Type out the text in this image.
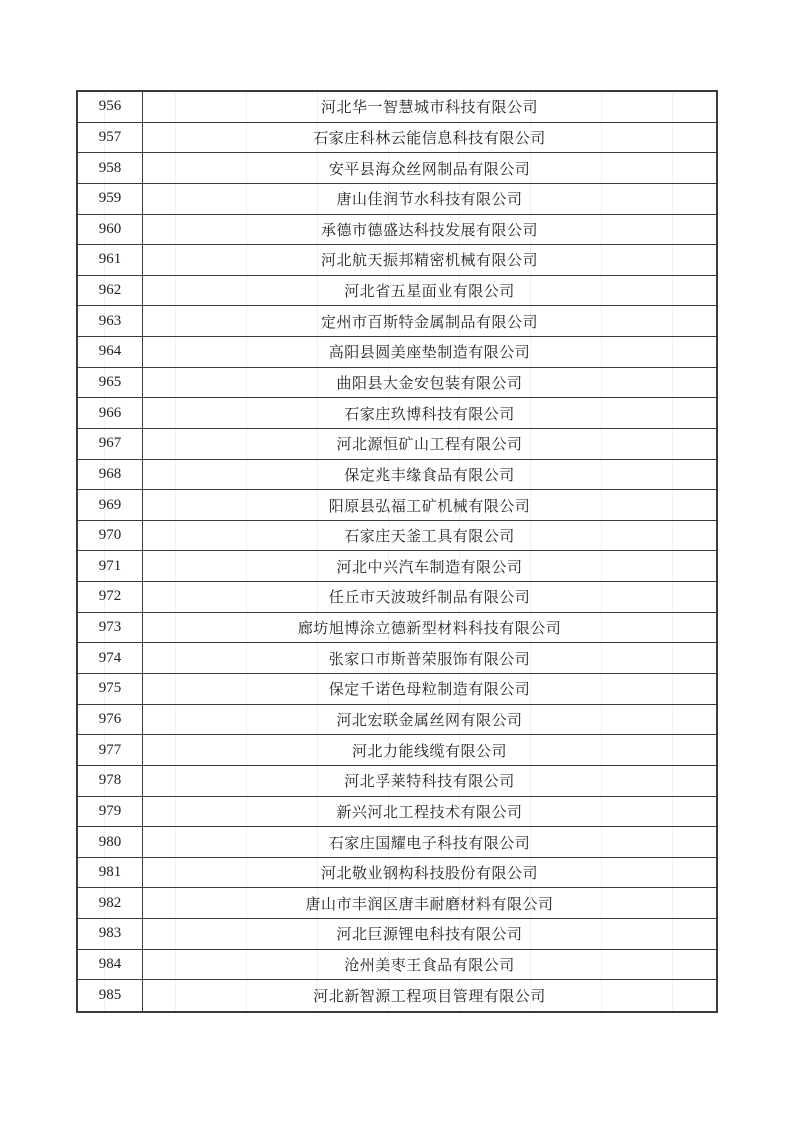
956	河北华一智慧城市科技有限公司
957	石家庄科林云能信息科技有限公司
958	安平县海众丝网制品有限公司
959	唐山佳润节水科技有限公司
960	承德市德盛达科技发展有限公司
961	河北航天振邦精密机械有限公司
962	河北省五星面业有限公司
963	定州市百斯特金属制品有限公司
964	高阳县圆美座垫制造有限公司
965	曲阳县大金安包装有限公司
966	石家庄玖博科技有限公司
967	河北源恒矿山工程有限公司
968	保定兆丰缘食品有限公司
969	阳原县弘福工矿机械有限公司
970	石家庄天釜工具有限公司
971	河北中兴汽车制造有限公司
972	任丘市天波玻纤制品有限公司
973	廊坊旭博涂立德新型材料科技有限公司
974	张家口市斯普荣服饰有限公司
975	保定千诺色母粒制造有限公司
976	河北宏联金属丝网有限公司
977	河北力能线缆有限公司
978	河北孚莱特科技有限公司
979	新兴河北工程技术有限公司
980	石家庄国耀电子科技有限公司
981	河北敬业钢构科技股份有限公司
982	唐山市丰润区唐丰耐磨材料有限公司
983	河北巨源锂电科技有限公司
984	沧州美枣王食品有限公司
985	河北新智源工程项目管理有限公司
